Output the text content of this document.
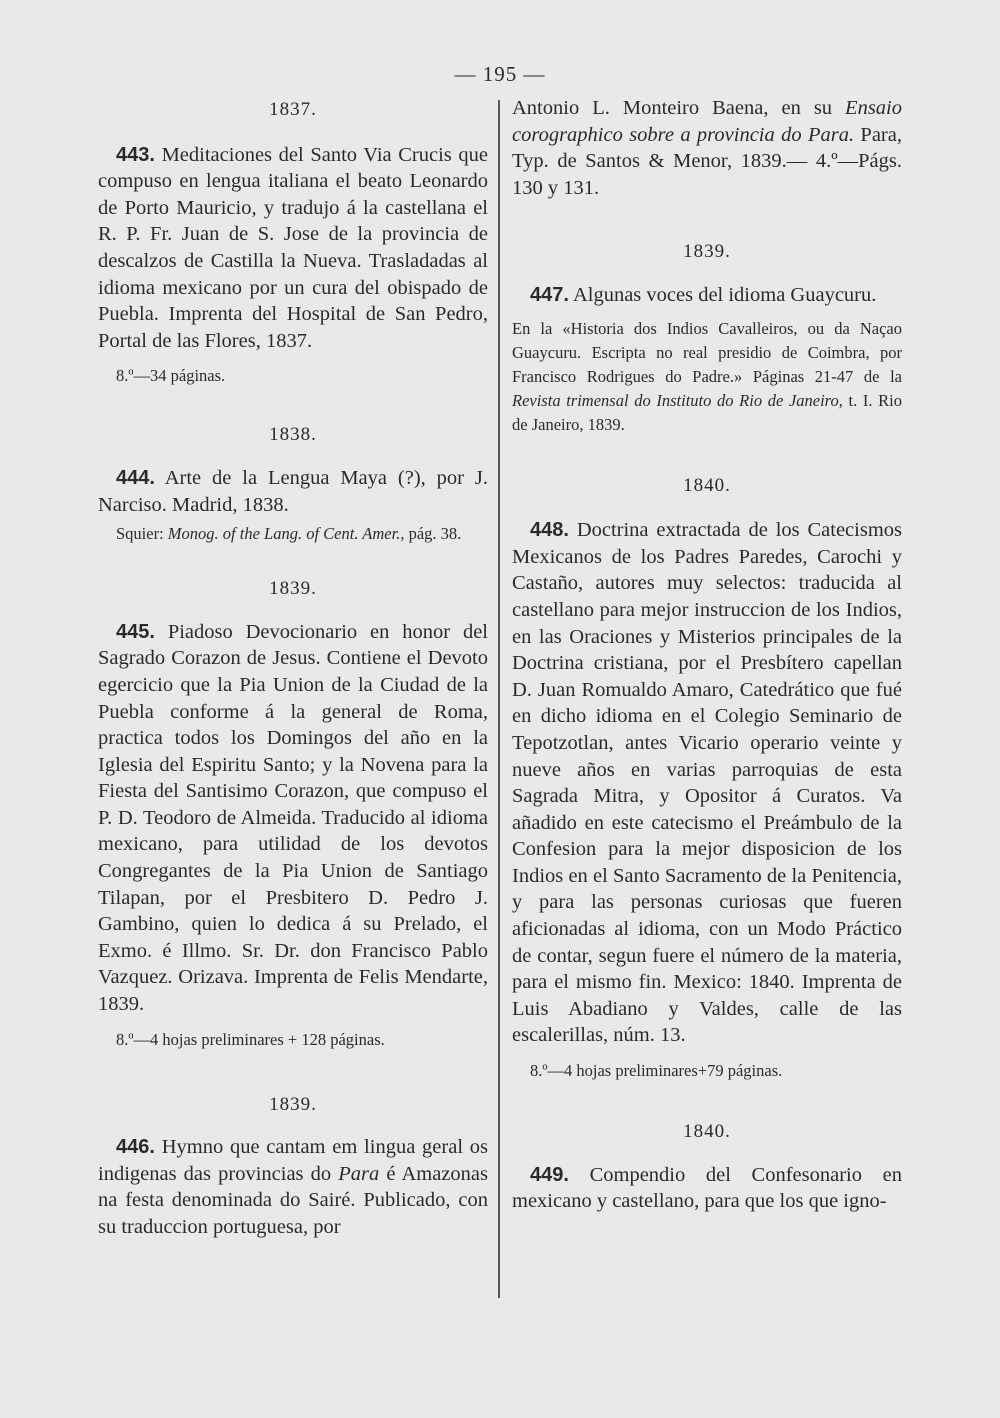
— 195 —

1837.

443. Meditaciones del Santo Via Crucis que compuso en lengua italiana el beato Leonardo de Porto Mauricio, y tradujo á la castellana el R. P. Fr. Juan de S. Jose de la provincia de descalzos de Castilla la Nueva. Trasladadas al idioma mexicano por un cura del obispado de Puebla. Imprenta del Hospital de San Pedro, Portal de las Flores, 1837.

8.º—34 páginas.

1838.

444. Arte de la Lengua Maya (?), por J. Narciso. Madrid, 1838.

Squier: Monog. of the Lang. of Cent. Amer., pág. 38.

1839.

445. Piadoso Devocionario en honor del Sagrado Corazon de Jesus. Contiene el Devoto egercicio que la Pia Union de la Ciudad de la Puebla conforme á la general de Roma, practica todos los Domingos del año en la Iglesia del Espiritu Santo; y la Novena para la Fiesta del Santisimo Corazon, que compuso el P. D. Teodoro de Almeida. Traducido al idioma mexicano, para utilidad de los devotos Congregantes de la Pia Union de Santiago Tilapan, por el Presbitero D. Pedro J. Gambino, quien lo dedica á su Prelado, el Exmo. é Illmo. Sr. Dr. don Francisco Pablo Vazquez. Orizava. Imprenta de Felis Mendarte, 1839.

8.º—4 hojas preliminares + 128 páginas.

1839.

446. Hymno que cantam em lingua geral os indigenas das provincias do Para é Amazonas na festa denominada do Sairé. Publicado, con su traduccion portuguesa, por

Antonio L. Monteiro Baena, en su Ensaio corographico sobre a provincia do Para. Para, Typ. de Santos & Menor, 1839.— 4.º—Págs. 130 y 131.

1839.

447. Algunas voces del idioma Guaycuru.

En la «Historia dos Indios Cavalleiros, ou da Naçao Guaycuru. Escripta no real presidio de Coimbra, por Francisco Rodrigues do Padre.» Páginas 21-47 de la Revista trimensal do Instituto do Rio de Janeiro, t. I. Rio de Janeiro, 1839.

1840.

448. Doctrina extractada de los Catecismos Mexicanos de los Padres Paredes, Carochi y Castaño, autores muy selectos: traducida al castellano para mejor instruccion de los Indios, en las Oraciones y Misterios principales de la Doctrina cristiana, por el Presbítero capellan D. Juan Romualdo Amaro, Catedrático que fué en dicho idioma en el Colegio Seminario de Tepotzotlan, antes Vicario operario veinte y nueve años en varias parroquias de esta Sagrada Mitra, y Opositor á Curatos. Va añadido en este catecismo el Preámbulo de la Confesion para la mejor disposicion de los Indios en el Santo Sacramento de la Penitencia, y para las personas curiosas que fueren aficionadas al idioma, con un Modo Práctico de contar, segun fuere el número de la materia, para el mismo fin. Mexico: 1840. Imprenta de Luis Abadiano y Valdes, calle de las escalerillas, núm. 13.

8.º—4 hojas preliminares+79 páginas.

1840.

449. Compendio del Confesonario en mexicano y castellano, para que los que igno-
